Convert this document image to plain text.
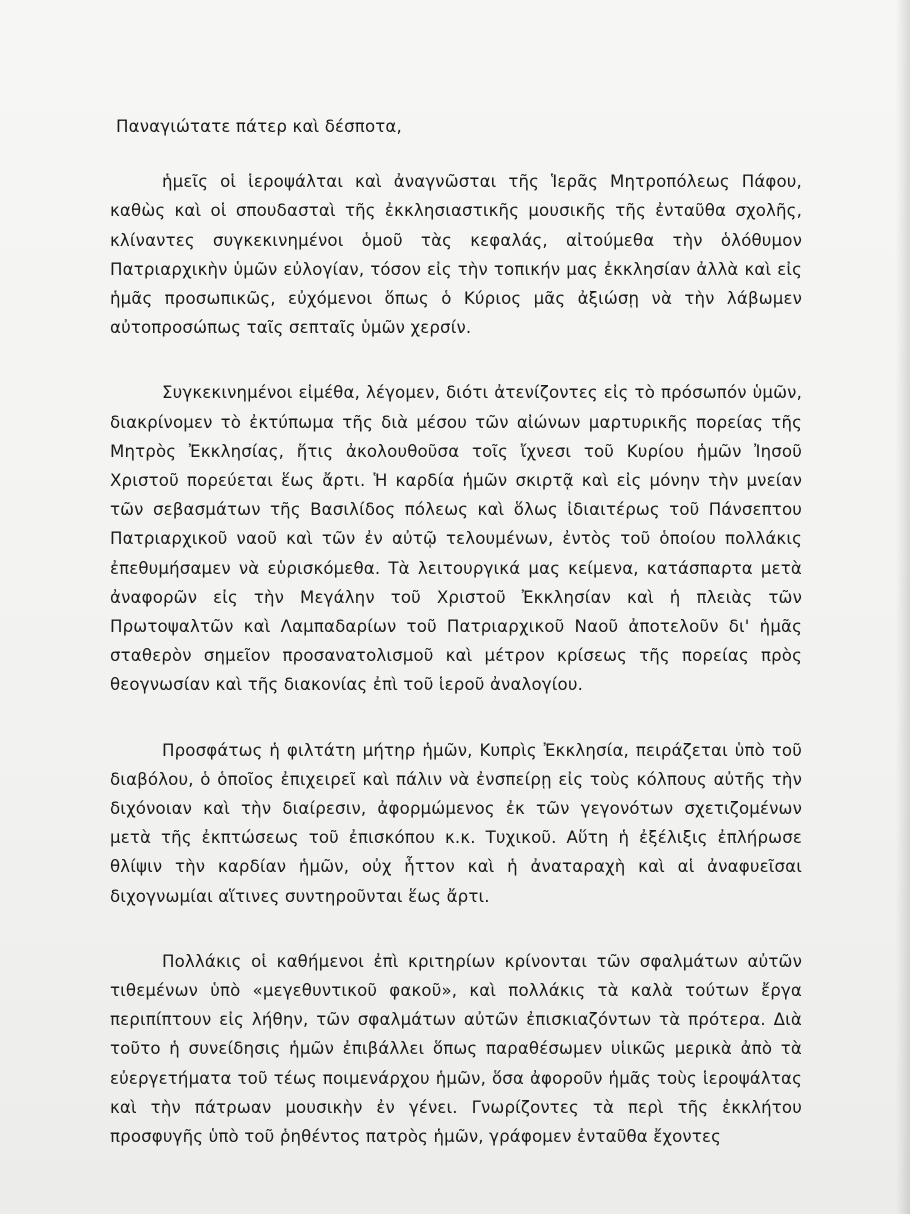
Παναγιώτατε πάτερ καὶ δέσποτα,

ἡμεῖς οἱ ἱεροψάλται καὶ ἀναγνῶσται τῆς Ἱερᾶς Μητροπόλεως Πάφου, καθὼς καὶ οἱ σπουδασταὶ τῆς ἐκκλησιαστικῆς μουσικῆς τῆς ἐνταῦθα σχολῆς, κλίναντες συγκεκινημένοι ὁμοῦ τὰς κεφαλάς, αἰτούμεθα τὴν ὁλόθυμον Πατριαρχικὴν ὑμῶν εὐλογίαν, τόσον εἰς τὴν τοπικήν μας ἐκκλησίαν ἀλλὰ καὶ εἰς ἡμᾶς προσωπικῶς, εὐχόμενοι ὅπως ὁ Κύριος μᾶς ἀξιώσῃ νὰ τὴν λάβωμεν αὐτοπροσώπως ταῖς σεπταῖς ὑμῶν χερσίν.

Συγκεκινημένοι εἰμέθα, λέγομεν, διότι ἀτενίζοντες εἰς τὸ πρόσωπόν ὑμῶν, διακρίνομεν τὸ ἐκτύπωμα τῆς διὰ μέσου τῶν αἰώνων μαρτυρικῆς πορείας τῆς Μητρὸς Ἐκκλησίας, ἥτις ἀκολουθοῦσα τοῖς ἴχνεσι τοῦ Κυρίου ἡμῶν Ἰησοῦ Χριστοῦ πορεύεται ἕως ἄρτι. Ἡ καρδία ἡμῶν σκιρτᾷ καὶ εἰς μόνην τὴν μνείαν τῶν σεβασμάτων τῆς Βασιλίδος πόλεως καὶ ὅλως ἰδιαιτέρως τοῦ Πάνσεπτου Πατριαρχικοῦ ναοῦ καὶ τῶν ἐν αὐτῷ τελουμένων, ἐντὸς τοῦ ὁποίου πολλάκις ἐπεθυμήσαμεν νὰ εὑρισκόμεθα. Τὰ λειτουργικά μας κείμενα, κατάσπαρτα μετὰ ἀναφορῶν εἰς τὴν Μεγάλην τοῦ Χριστοῦ Ἐκκλησίαν καὶ ἡ πλειὰς τῶν Πρωτοψαλτῶν καὶ Λαμπαδαρίων τοῦ Πατριαρχικοῦ Ναοῦ ἀποτελοῦν δι' ἡμᾶς σταθερὸν σημεῖον προσανατολισμοῦ καὶ μέτρον κρίσεως τῆς πορείας πρὸς θεογνωσίαν καὶ τῆς διακονίας ἐπὶ τοῦ ἱεροῦ ἀναλογίου.

Προσφάτως ἡ φιλτάτη μήτηρ ἡμῶν, Κυπρὶς Ἐκκλησία, πειράζεται ὑπὸ τοῦ διαβόλου, ὁ ὁποῖος ἐπιχειρεῖ καὶ πάλιν νὰ ἐνσπείρῃ εἰς τοὺς κόλπους αὐτῆς τὴν διχόνοιαν καὶ τὴν διαίρεσιν, ἀφορμώμενος ἐκ τῶν γεγονότων σχετιζομένων μετὰ τῆς ἐκπτώσεως τοῦ ἐπισκόπου κ.κ. Τυχικοῦ. Αὕτη ἡ ἐξέλιξις ἐπλήρωσε θλίψιν τὴν καρδίαν ἡμῶν, οὐχ ἧττον καὶ ἡ ἀναταραχὴ καὶ αἱ ἀναφυεῖσαι διχογνωμίαι αἵτινες συντηροῦνται ἕως ἄρτι.

Πολλάκις οἱ καθήμενοι ἐπὶ κριτηρίων κρίνονται τῶν σφαλμάτων αὐτῶν τιθεμένων ὑπὸ «μεγεθυντικοῦ φακοῦ», καὶ πολλάκις τὰ καλὰ τούτων ἔργα περιπίπτουν εἰς λήθην, τῶν σφαλμάτων αὐτῶν ἐπισκιαζόντων τὰ πρότερα. Διὰ τοῦτο ἡ συνείδησις ἡμῶν ἐπιβάλλει ὅπως παραθέσωμεν υἱικῶς μερικὰ ἀπὸ τὰ εὐεργετήματα τοῦ τέως ποιμενάρχου ἡμῶν, ὅσα ἀφοροῦν ἡμᾶς τοὺς ἱεροψάλτας καὶ τὴν πάτρωαν μουσικὴν ἐν γένει. Γνωρίζοντες τὰ περὶ τῆς ἐκκλήτου προσφυγῆς ὑπὸ τοῦ ῥηθέντος πατρὸς ἡμῶν, γράφομεν ἐνταῦθα ἔχοντες
